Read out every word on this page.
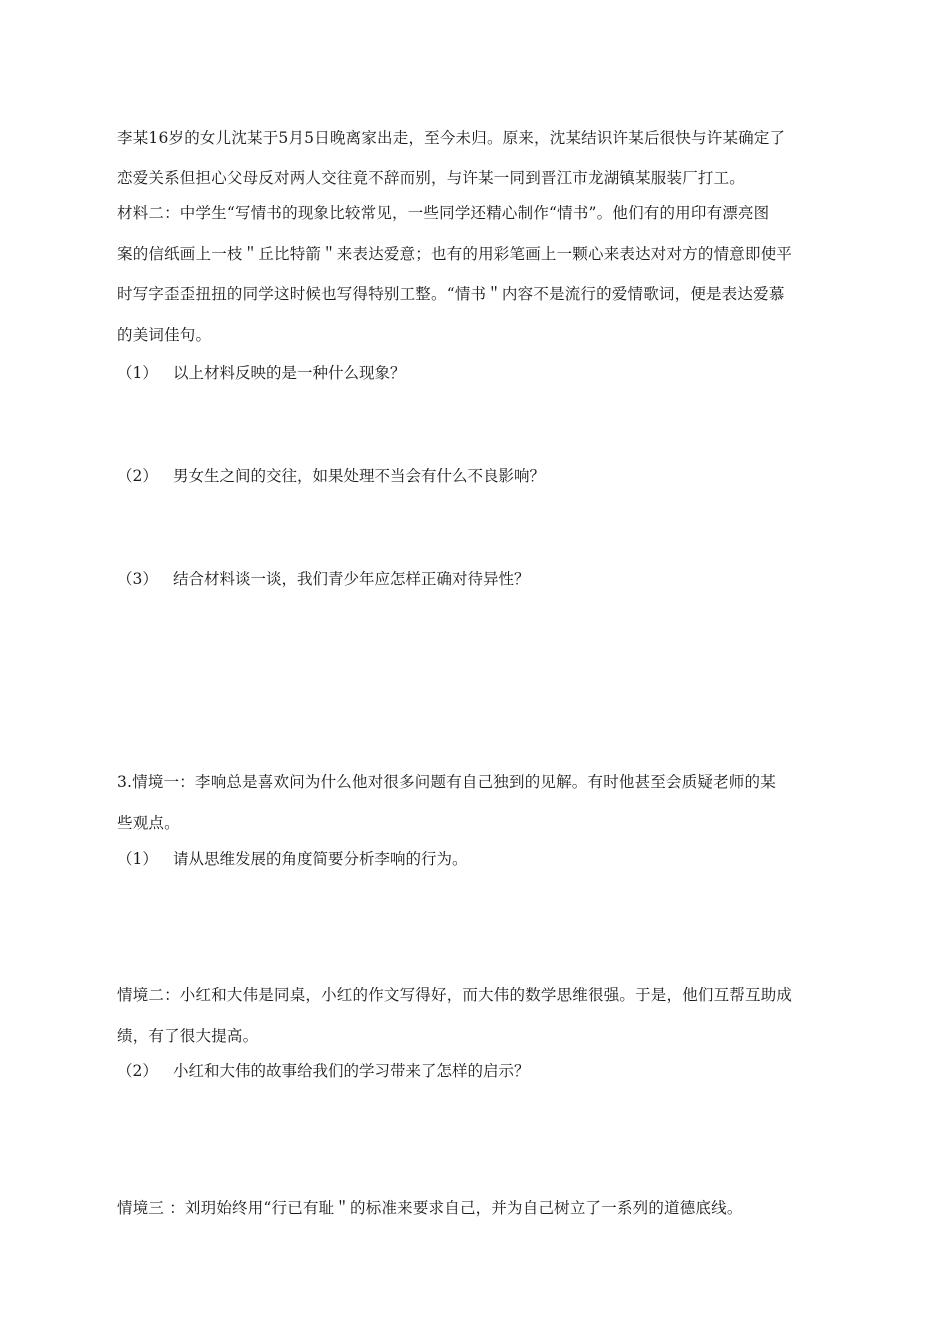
李某16岁的女儿沈某于5月5日晚离家出走，至今未归。原来，沈某结识许某后很快与许某确定了
恋爱关系但担心父母反对两人交往竟不辞而别，与许某一同到晋江市龙湖镇某服装厂打工。
材料二：中学生“写情书的现象比较常见，一些同学还精心制作“情书”。他们有的用印有漂亮图
案的信纸画上一枝＂丘比特箭＂来表达爱意；也有的用彩笔画上一颗心来表达对对方的情意即使平
时写字歪歪扭扭的同学这时候也写得特别工整。“情书＂内容不是流行的爱情歌词，便是表达爱慕
的美词佳句。
（1） 以上材料反映的是一种什么现象？
（2） 男女生之间的交往，如果处理不当会有什么不良影响？
（3） 结合材料谈一谈，我们青少年应怎样正确对待异性？
3.情境一：李响总是喜欢问为什么他对很多问题有自己独到的见解。有时他甚至会质疑老师的某
些观点。
（1） 请从思维发展的角度简要分析李响的行为。
情境二：小红和大伟是同桌，小红的作文写得好，而大伟的数学思维很强。于是，他们互帮互助成
绩，有了很大提高。
（2） 小红和大伟的故事给我们的学习带来了怎样的启示？
情境三 ：刘玥始终用“行已有耻＂的标准来要求自己，并为自己树立了一系列的道德底线。
